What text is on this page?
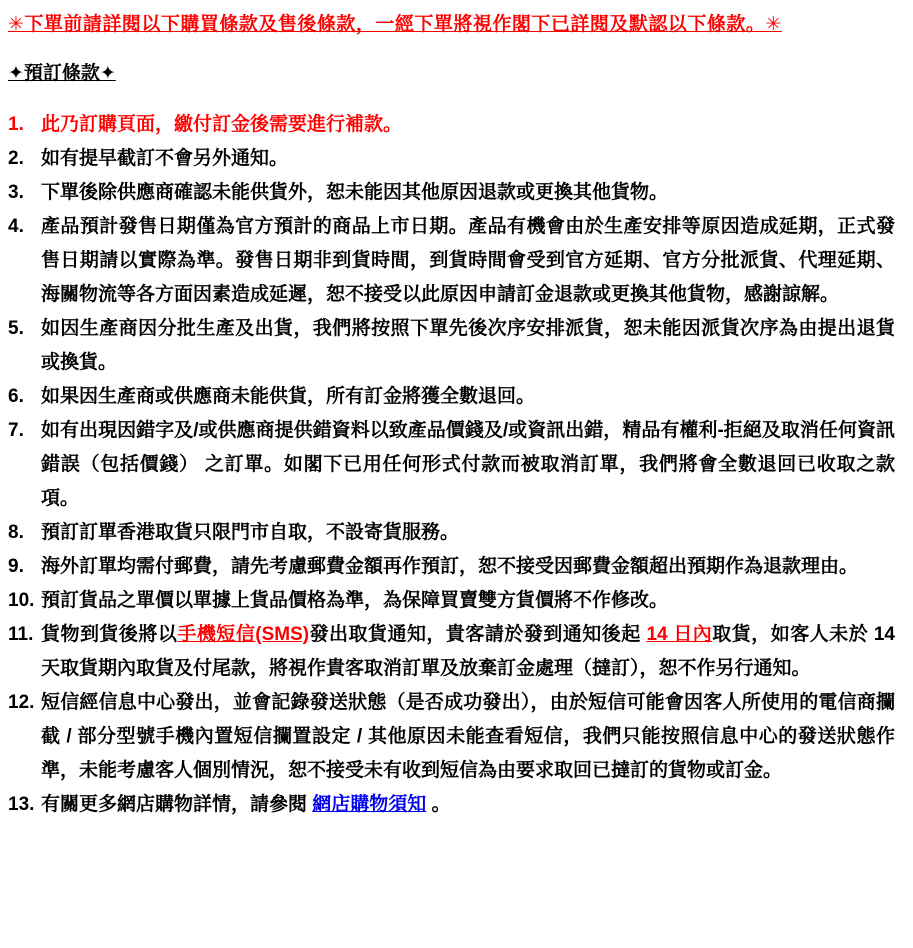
✳下單前請詳閱以下購買條款及售後條款，一經下單將視作閣下已詳閱及默認以下條款。✳
✦預訂條款✦
1. 此乃訂購頁面，繳付訂金後需要進行補款。
2. 如有提早截訂不會另外通知。
3. 下單後除供應商確認未能供貨外，恕未能因其他原因退款或更換其他貨物。
4. 產品預計發售日期僅為官方預計的商品上市日期。產品有機會由於生產安排等原因造成延期，正式發售日期請以實際為準。發售日期非到貨時間，到貨時間會受到官方延期、官方分批派貨、代理延期、海關物流等各方面因素造成延遲，恕不接受以此原因申請訂金退款或更換其他貨物，感謝諒解。
5. 如因生產商因分批生產及出貨，我們將按照下單先後次序安排派貨，恕未能因派貨次序為由提出退貨或換貨。
6. 如果因生產商或供應商未能供貨，所有訂金將獲全數退回。
7. 如有出現因錯字及/或供應商提供錯資料以致產品價錢及/或資訊出錯，精品有權利-拒絕及取消任何資訊錯誤（包括價錢） 之訂單。如閣下已用任何形式付款而被取消訂單，我們將會全數退回已收取之款項。
8. 預訂訂單香港取貨只限門市自取，不設寄貨服務。
9. 海外訂單均需付郵費，請先考慮郵費金額再作預訂，恕不接受因郵費金額超出預期作為退款理由。
10. 預訂貨品之單價以單據上貨品價格為準，為保障買賣雙方貨價將不作修改。
11. 貨物到貨後將以手機短信(SMS)發出取貨通知，貴客請於發到通知後起 14 日內取貨，如客人未於 14 天取貨期內取貨及付尾款，將視作貴客取消訂單及放棄訂金處理（撻訂），恕不作另行通知。
12. 短信經信息中心發出，並會記錄發送狀態（是否成功發出），由於短信可能會因客人所使用的電信商攔截 / 部分型號手機內置短信攔置設定 / 其他原因未能查看短信，我們只能按照信息中心的發送狀態作準，未能考慮客人個別情況，恕不接受未有收到短信為由要求取回已撻訂的貨物或訂金。
13. 有關更多網店購物詳情，請參閱 網店購物須知 。
